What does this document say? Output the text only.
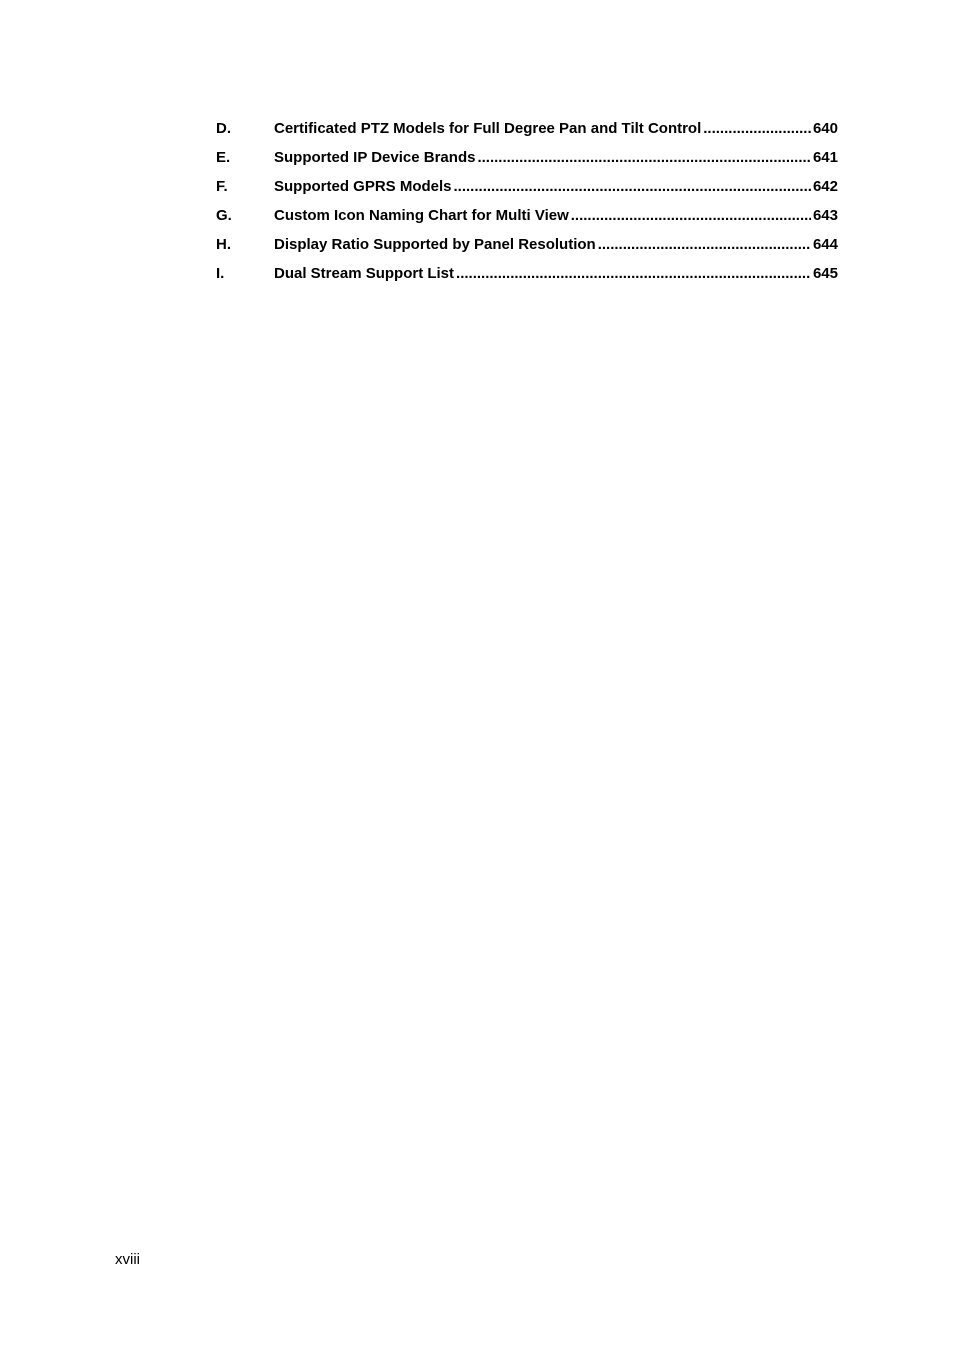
D.	Certificated PTZ Models for Full Degree Pan and Tilt Control .....	640
E.	Supported IP Device Brands .....	641
F.	Supported GPRS Models .....	642
G.	Custom Icon Naming Chart for Multi View .....	643
H.	Display Ratio Supported by Panel Resolution .....	644
I.	Dual Stream Support List .....	645
xviii
